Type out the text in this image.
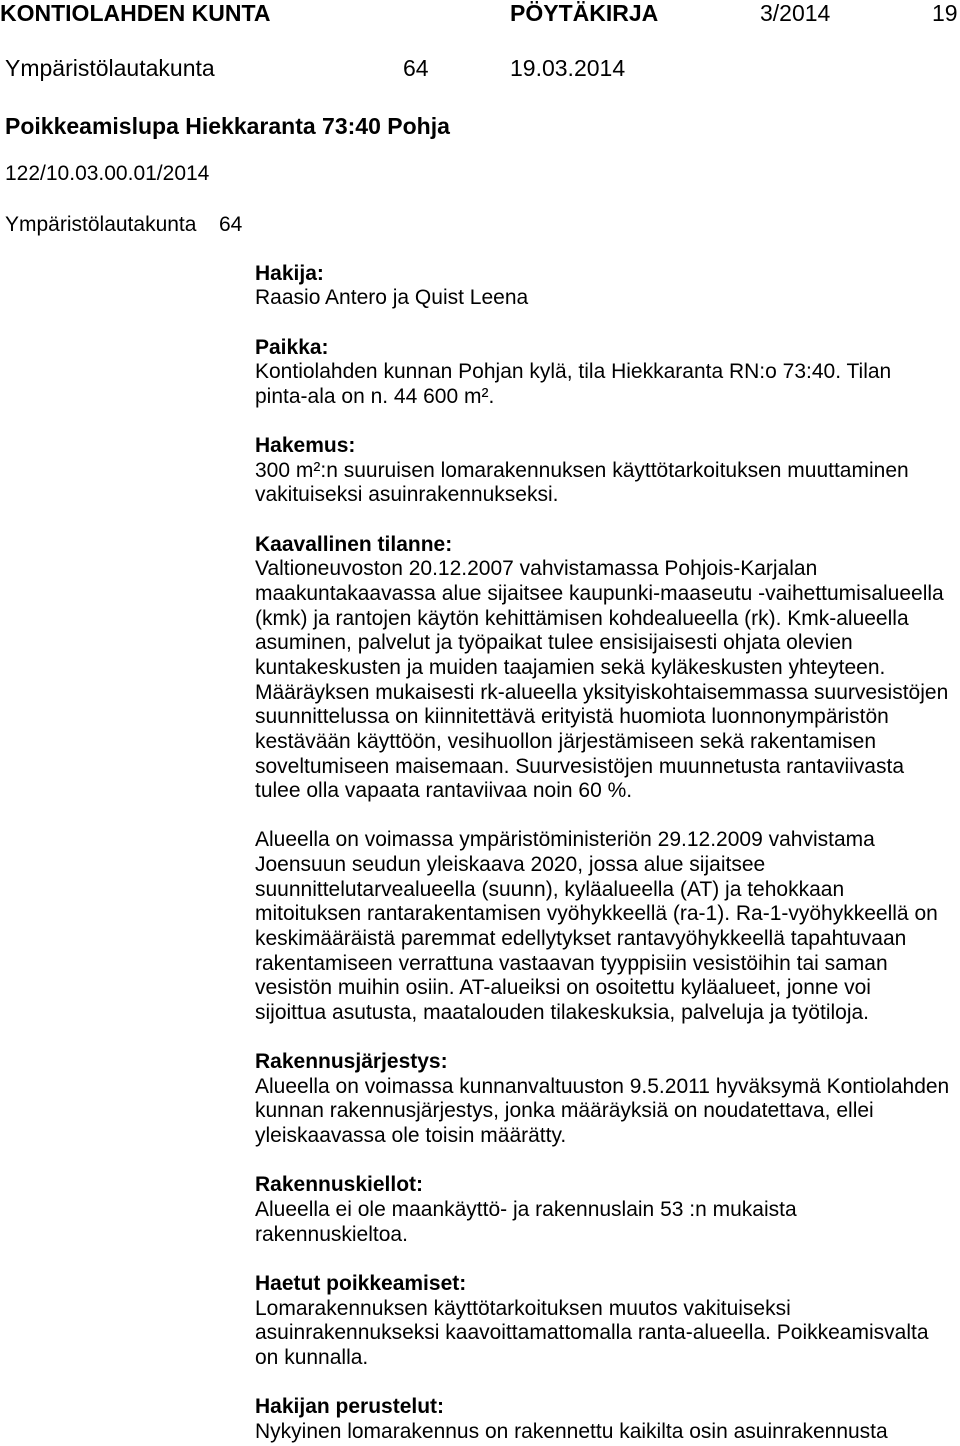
KONTIOLAHDEN KUNTA	PÖYTÄKIRJA	3/2014	19
Ympäristölautakunta	64	19.03.2014
Poikkeamislupa Hiekkaranta 73:40 Pohja
122/10.03.00.01/2014
Ympäristölautakunta 64
Hakija:
Raasio Antero ja Quist Leena
Paikka:
Kontiolahden kunnan Pohjan kylä, tila Hiekkaranta RN:o 73:40. Tilan
pinta-ala on n. 44 600 m².
Hakemus:
300 m²:n suuruisen lomarakennuksen käyttötarkoituksen muuttaminen
vakituiseksi asuinrakennukseksi.
Kaavallinen tilanne:
Valtioneuvoston 20.12.2007 vahvistamassa Pohjois-Karjalan
maakuntakaavassa alue sijaitsee kaupunki-maaseutu -vaihettumisalueella
(kmk) ja rantojen käytön kehittämisen kohdealueella (rk). Kmk-alueella
asuminen, palvelut ja työpaikat tulee ensisijaisesti ohjata olevien
kuntakeskusten ja muiden taajamien sekä kyläkeskusten yhteyteen.
Määräyksen mukaisesti rk-alueella yksityiskohtaisemmassa suurvesistöjen
suunnittelussa on kiinnitettävä erityistä huomiota luonnonympäristön
kestävään käyttöön, vesihuollon järjestämiseen sekä rakentamisen
soveltumiseen maisemaan. Suurvesistöjen muunnetusta rantaviivasta
tulee olla vapaata rantaviivaa noin 60 %.
Alueella on voimassa ympäristöministeriön 29.12.2009 vahvistama
Joensuun seudun yleiskaava 2020, jossa alue sijaitsee
suunnittelutarvealueella (suunn), kyläalueella (AT) ja tehokkaan
mitoituksen rantarakentamisen vyöhykkeellä (ra-1). Ra-1-vyöhykkeellä on
keskimääräistä paremmat edellytykset rantavyöhykkeellä tapahtuvaan
rakentamiseen verrattuna vastaavan tyyppisiin vesistöihin tai saman
vesistön muihin osiin. AT-alueiksi on osoitettu kyläalueet, jonne voi
sijoittua asutusta, maatalouden tilakeskuksia, palveluja ja työtiloja.
Rakennusjärjestys:
Alueella on voimassa kunnanvaltuuston 9.5.2011 hyväksymä Kontiolahden
kunnan rakennusjärjestys, jonka määräyksiä on noudatettava, ellei
yleiskaavassa ole toisin määrätty.
Rakennuskiellot:
Alueella ei ole maankäyttö- ja rakennuslain 53 :n mukaista
rakennuskieltoa.
Haetut poikkeamiset:
Lomarakennuksen käyttötarkoituksen muutos vakituiseksi
asuinrakennukseksi kaavoittamattomalla ranta-alueella. Poikkeamisvalta
on kunnalla.
Hakijan perustelut:
Nykyinen lomarakennus on rakennettu kaikilta osin asuinrakennusta
